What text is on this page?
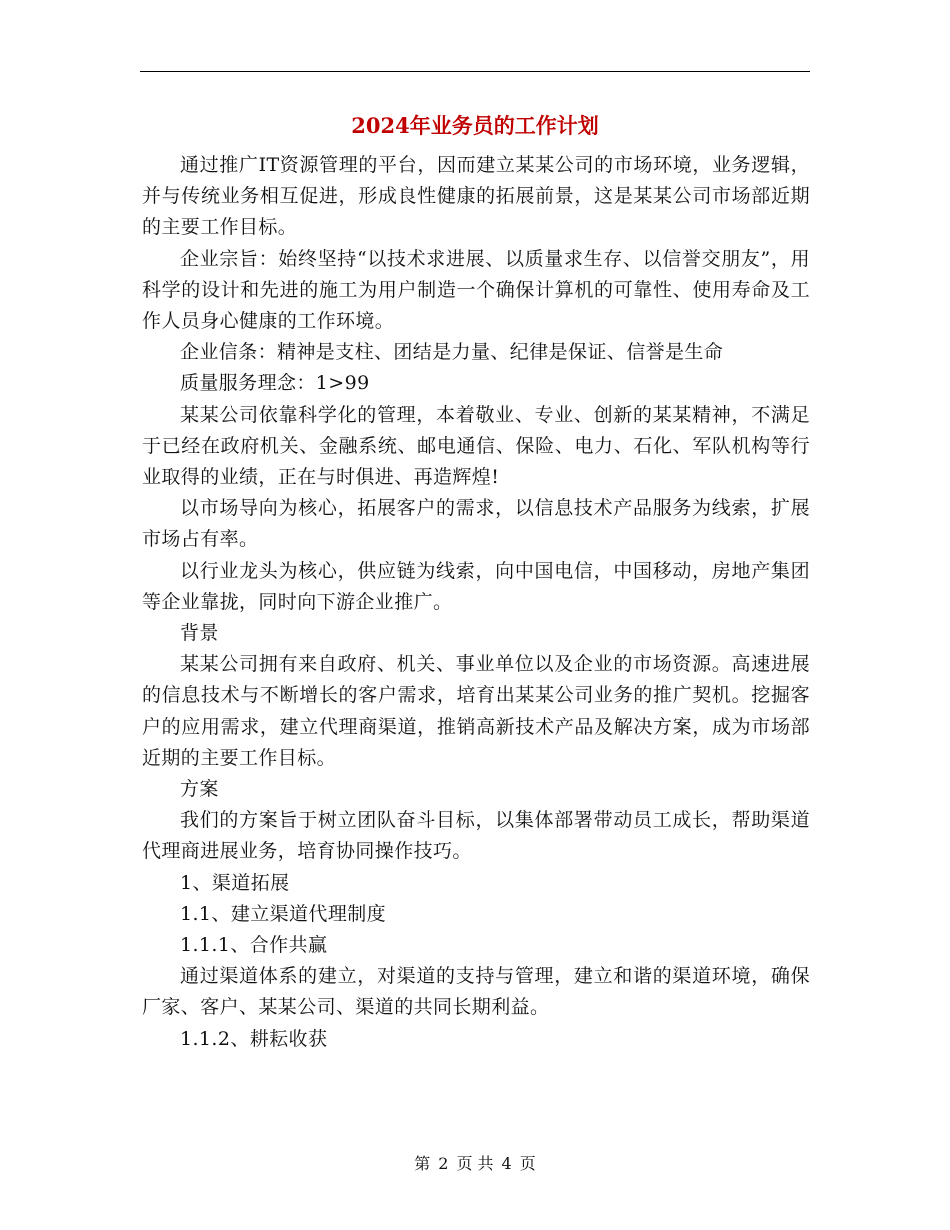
2024年业务员的工作计划

通过推广IT资源管理的平台，因而建立某某公司的市场环境，业务逻辑，并与传统业务相互促进，形成良性健康的拓展前景，这是某某公司市场部近期的主要工作目标。

企业宗旨：始终坚持“以技术求进展、以质量求生存、以信誉交朋友”，用科学的设计和先进的施工为用户制造一个确保计算机的可靠性、使用寿命及工作人员身心健康的工作环境。

企业信条：精神是支柱、团结是力量、纪律是保证、信誉是生命

质量服务理念：1>99

某某公司依靠科学化的管理，本着敬业、专业、创新的某某精神，不满足于已经在政府机关、金融系统、邮电通信、保险、电力、石化、军队机构等行业取得的业绩，正在与时俱进、再造辉煌!

以市场导向为核心，拓展客户的需求，以信息技术产品服务为线索，扩展市场占有率。

以行业龙头为核心，供应链为线索，向中国电信，中国移动，房地产集团等企业靠拢，同时向下游企业推广。

背景

某某公司拥有来自政府、机关、事业单位以及企业的市场资源。高速进展的信息技术与不断增长的客户需求，培育出某某公司业务的推广契机。挖掘客户的应用需求，建立代理商渠道，推销高新技术产品及解决方案，成为市场部近期的主要工作目标。

方案

我们的方案旨于树立团队奋斗目标，以集体部署带动员工成长，帮助渠道代理商进展业务，培育协同操作技巧。

1、渠道拓展

1.1、建立渠道代理制度

1.1.1、合作共赢

通过渠道体系的建立，对渠道的支持与管理，建立和谐的渠道环境，确保厂家、客户、某某公司、渠道的共同长期利益。

1.1.2、耕耘收获

第 2 页 共 4 页
